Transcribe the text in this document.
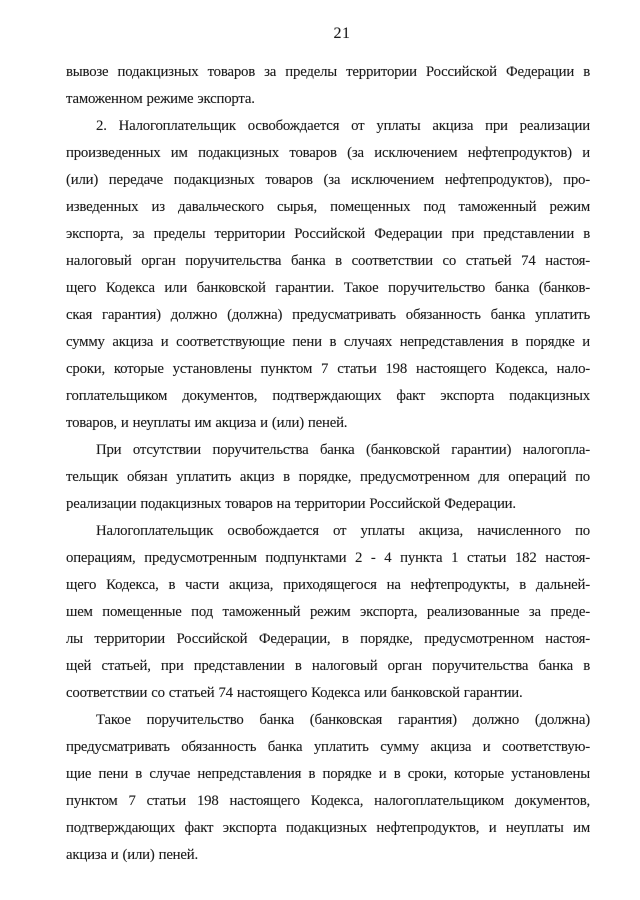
21
вывозе подакцизных товаров за пределы территории Российской Федерации в
таможенном режиме экспорта.
2. Налогоплательщик освобождается от уплаты акциза при реализации
произведенных им подакцизных товаров (за исключением нефтепродуктов) и
(или) передаче подакцизных товаров (за исключением нефтепродуктов), про-
изведенных из давальческого сырья, помещенных под таможенный режим
экспорта, за пределы территории Российской Федерации при представлении в
налоговый орган поручительства банка в соответствии со статьей 74 настоя-
щего Кодекса или банковской гарантии. Такое поручительство банка (банков-
ская гарантия) должно (должна) предусматривать обязанность банка уплатить
сумму акциза и соответствующие пени в случаях непредставления в порядке и
сроки, которые установлены пунктом 7 статьи 198 настоящего Кодекса, нало-
гоплательщиком документов, подтверждающих факт экспорта подакцизных
товаров, и неуплаты им акциза и (или) пеней.
При отсутствии поручительства банка (банковской гарантии) налогопла-
тельщик обязан уплатить акциз в порядке, предусмотренном для операций по
реализации подакцизных товаров на территории Российской Федерации.
Налогоплательщик освобождается от уплаты акциза, начисленного по
операциям, предусмотренным подпунктами 2 - 4 пункта 1 статьи 182 настоя-
щего Кодекса, в части акциза, приходящегося на нефтепродукты, в дальней-
шем помещенные под таможенный режим экспорта, реализованные за преде-
лы территории Российской Федерации, в порядке, предусмотренном настоя-
щей статьей, при представлении в налоговый орган поручительства банка в
соответствии со статьей 74 настоящего Кодекса или банковской гарантии.
Такое поручительство банка (банковская гарантия) должно (должна)
предусматривать обязанность банка уплатить сумму акциза и соответствую-
щие пени в случае непредставления в порядке и в сроки, которые установлены
пунктом 7 статьи 198 настоящего Кодекса, налогоплательщиком документов,
подтверждающих факт экспорта подакцизных нефтепродуктов, и неуплаты им
акциза и (или) пеней.
